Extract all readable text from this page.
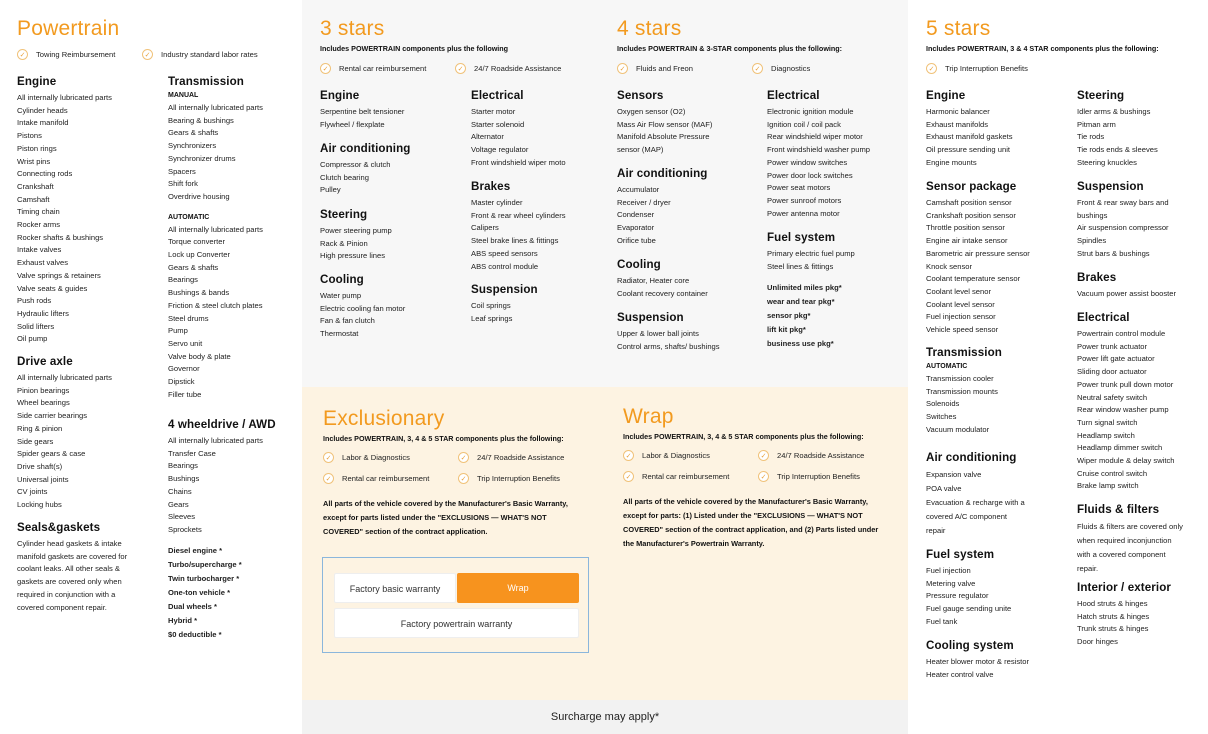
Surcharge may apply*
Powertrain
✓	Towing Reimbursement	✓	Industry standard labor rates
Engine
All internally lubricated parts
Cylinder heads
Intake manifold
Pistons
Piston rings
Wrist pins
Connecting rods
Crankshaft
Camshaft
Timing chain
Rocker arms
Rocker shafts & bushings
Intake valves
Exhaust valves
Valve springs & retainers
Valve seats & guides
Push rods
Hydraulic lifters
Solid lifters
Oil pump
Drive axle
All internally lubricated parts
Pinion bearings
Wheel bearings
Side carrier bearings
Ring & pinion
Side gears
Spider gears & case
Drive shaft(s)
Universal joints
CV joints
Locking hubs
Seals&gaskets

Cylinder head gaskets & intake manifold gaskets are covered for coolant leaks. All other seals & gaskets are covered only when required in conjunction with a covered component repair.

Transmission
MANUAL
All internally lubricated parts
Bearing & bushings
Gears & shafts
Synchronizers
Synchronizer drums
Spacers
Shift fork
Overdrive housing
AUTOMATIC
All internally lubricated parts
Torque converter
Lock up Converter
Gears & shafts
Bearings
Bushings & bands
Friction & steel clutch plates
Steel drums
Pump
Servo unit
Valve body & plate
Governor
Dipstick
Filler tube
4 wheeldrive / AWD
All internally lubricated parts
Transfer Case
Bearings
Bushings
Chains
Gears
Sleeves
Sprockets
Diesel engine *
Turbo/supercharge *
Twin turbocharger *
One-ton vehicle *
Dual wheels *
Hybrid *
$0 deductible *
3 stars
Includes POWERTRAIN components plus the following
✓	Rental car reimbursement	✓	24/7 Roadside Assistance
Engine
Serpentine belt tensioner
Flywheel / flexplate
Air conditioning
Compressor & clutch
Clutch bearing
Pulley
Steering
Power steering pump
Rack & Pinion
High pressure lines
Cooling
Water pump
Electric cooling fan motor
Fan & fan clutch
Thermostat
Electrical
Starter motor
Starter solenoid
Alternator
Voltage regulator
Front windshield wiper moto
Brakes
Master cylinder
Front & rear wheel cylinders
Calipers
Steel brake lines & fittings
ABS speed sensors
ABS control module
Suspension
Coil springs
Leaf springs
4 stars
Includes POWERTRAIN & 3-STAR components plus the following:
✓	Fluids and Freon	✓	Diagnostics
Sensors
Oxygen sensor (O2)
Mass Air Flow sensor (MAF)
Manifold Absolute Pressure
sensor (MAP)
Air conditioning
Accumulator
Receiver / dryer
Condenser
Evaporator
Orifice tube
Cooling
Radiator, Heater core
Coolant recovery container
Suspension
Upper & lower ball joints
Control arms, shafts/ bushings
Electrical
Electronic ignition module
Ignition coil / coil pack
Rear windshield wiper motor
Front windshield washer pump
Power window switches
Power door lock switches
Power seat motors
Power sunroof motors
Power antenna motor
Fuel system
Primary electric fuel pump
Steel lines & fittings
Unlimited miles pkg*
wear and tear pkg*
sensor pkg*
lift kit pkg*
business use pkg*
5 stars
Includes POWERTRAIN, 3 & 4 STAR components plus the following:
✓	Trip Interruption Benefits
Engine
Harmonic balancer
Exhaust manifolds
Exhaust manifold gaskets
Oil pressure sending unit
Engine mounts
Sensor package
Camshaft position sensor
Crankshaft position sensor
Throttle position sensor
Engine air intake sensor
Barometric air pressure sensor
Knock sensor
Coolant temperature sensor
Coolant level senor
Coolant level sensor
Fuel injection sensor
Vehicle speed sensor
Transmission
AUTOMATIC
Transmission cooler
Transmission mounts
Solenoids
Switches
Vacuum modulator
Air conditioning
Expansion valve
POA valve
Evacuation & recharge with a
covered A/C component
repair
Fuel system
Fuel injection
Metering valve
Pressure regulator
Fuel gauge sending unite
Fuel tank
Cooling system
Heater blower motor & resistor
Heater control valve
Steering
Idler arms & bushings
Pitman arm
Tie rods
Tie rods ends & sleeves
Steering knuckles
Suspension
Front & rear sway bars and
bushings
Air suspension compressor
Spindles
Strut bars & bushings
Brakes
Vacuum power assist booster
Electrical
Powertrain control module
Power trunk actuator
Power lift gate actuator
Sliding door actuator
Power trunk pull down motor
Neutral safety switch
Rear window washer pump
Turn signal switch
Headlamp switch
Headlamp dimmer switch
Wiper module & delay switch
Cruise control switch
Brake lamp switch
Fluids & filters
Fluids & filters are covered only
when required inconjunction
with a covered component
repair.
Interior / exterior
Hood struts & hinges
Hatch struts & hinges
Trunk struts & hinges
Door hinges
Exclusionary
Includes POWERTRAIN, 3, 4 & 5 STAR components plus the following:
✓	Labor & Diagnostics	✓	24/7 Roadside Assistance
✓	Rental car reimbursement	✓	Trip Interruption Benefits
All parts of the vehicle covered by the Manufacturer's Basic Warranty, except for parts listed under the "EXCLUSIONS — WHAT'S NOT COVERED" section of the contract application.
Wrap
Includes POWERTRAIN, 3, 4 & 5 STAR components plus the following:
✓	Labor & Diagnostics	✓	24/7 Roadside Assistance
✓	Rental car reimbursement	✓	Trip Interruption Benefits
All parts of the vehicle covered by the Manufacturer's Basic Warranty, except for parts: (1) Listed under the "EXCLUSIONS — WHAT'S NOT COVERED" section of the contract application, and (2) Parts listed under the Manufacturer's Powertrain Warranty.
Factory basic warranty	Wrap
Factory powertrain warranty
